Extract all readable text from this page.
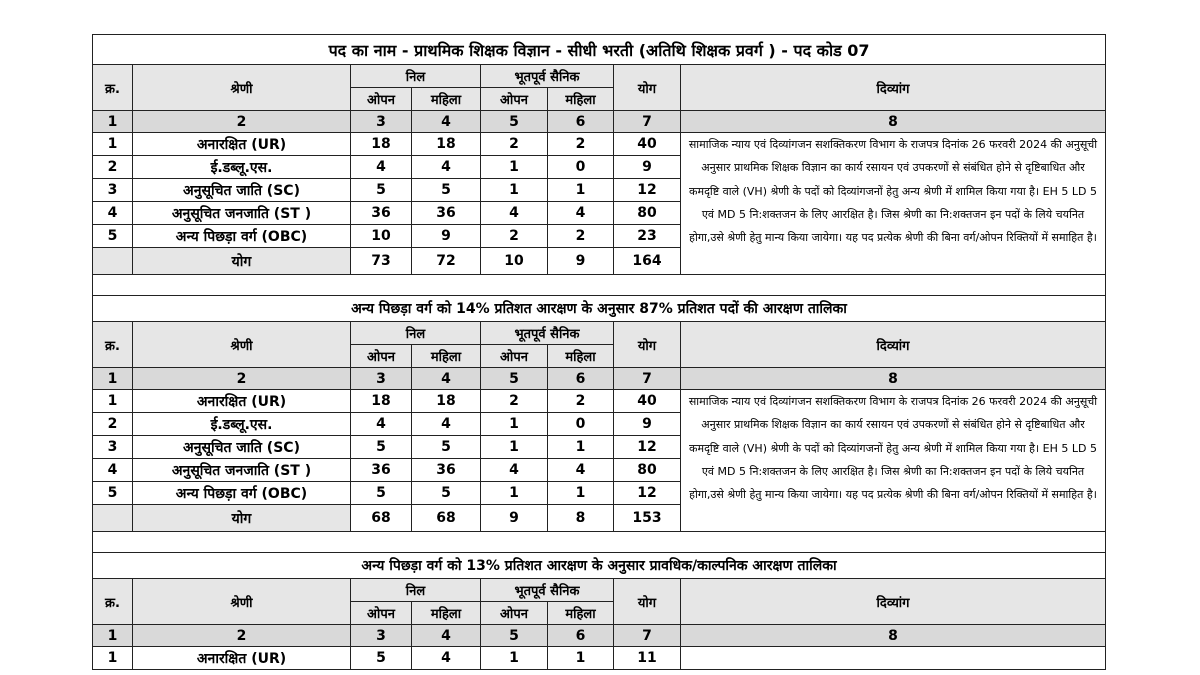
पद का नाम - प्राथमिक शिक्षक विज्ञान - सीधी भरती (अतिथि शिक्षक प्रवर्ग ) - पद कोड 07							
क्र.	श्रेणी	निल		भूतपूर्व सैनिक		योग	दिव्यांग
		ओपन	महिला	ओपन	महिला		
1	2	3	4	5	6	7	8
1	अनारक्षित (UR)	18	18	2	2	40	सामाजिक न्याय एवं दिव्यांगजन सशक्तिकरण विभाग के राजपत्र दिनांक 26 फरवरी 2024 की अनुसूची अनुसार प्राथमिक शिक्षक विज्ञान का कार्य रसायन एवं उपकरणों से संबंधित होने से दृष्टिबाधित और कमदृष्टि वाले (VH) श्रेणी के पदों को दिव्यांगजनों हेतु अन्य श्रेणी में शामिल किया गया है। EH 5 LD 5 एवं MD 5 नि:शक्तजन के लिए आरक्षित है। जिस श्रेणी का नि:शक्तजन इन पदों के लिये चयनित होगा,उसे श्रेणी हेतु मान्य किया जायेगा। यह पद प्रत्येक श्रेणी की बिना वर्ग/ओपन रिक्तियों में समाहित है।
2	ई.डब्लू.एस.	4	4	1	0	9	
3	अनुसूचित जाति (SC)	5	5	1	1	12	
4	अनुसूचित जनजाति (ST )	36	36	4	4	80	
5	अन्य पिछड़ा वर्ग (OBC)	10	9	2	2	23	
	योग	73	72	10	9	164	

अन्य पिछड़ा वर्ग को 14% प्रतिशत आरक्षण के अनुसार 87% प्रतिशत पदों की आरक्षण तालिका							
क्र.	श्रेणी	निल		भूतपूर्व सैनिक		योग	दिव्यांग
		ओपन	महिला	ओपन	महिला		
1	2	3	4	5	6	7	8
1	अनारक्षित (UR)	18	18	2	2	40	सामाजिक न्याय एवं दिव्यांगजन सशक्तिकरण विभाग के राजपत्र दिनांक 26 फरवरी 2024 की अनुसूची अनुसार प्राथमिक शिक्षक विज्ञान का कार्य रसायन एवं उपकरणों से संबंधित होने से दृष्टिबाधित और कमदृष्टि वाले (VH) श्रेणी के पदों को दिव्यांगजनों हेतु अन्य श्रेणी में शामिल किया गया है। EH 5 LD 5 एवं MD 5 नि:शक्तजन के लिए आरक्षित है। जिस श्रेणी का नि:शक्तजन इन पदों के लिये चयनित होगा,उसे श्रेणी हेतु मान्य किया जायेगा। यह पद प्रत्येक श्रेणी की बिना वर्ग/ओपन रिक्तियों में समाहित है।
2	ई.डब्लू.एस.	4	4	1	0	9	
3	अनुसूचित जाति (SC)	5	5	1	1	12	
4	अनुसूचित जनजाति (ST )	36	36	4	4	80	
5	अन्य पिछड़ा वर्ग (OBC)	5	5	1	1	12	
	योग	68	68	9	8	153	

अन्य पिछड़ा वर्ग को 13% प्रतिशत आरक्षण के अनुसार प्रावधिक/काल्पनिक आरक्षण तालिका							
क्र.	श्रेणी	निल		भूतपूर्व सैनिक		योग	दिव्यांग
		ओपन	महिला	ओपन	महिला		
1	2	3	4	5	6	7	8
1	अनारक्षित (UR)	5	4	1	1	11	
